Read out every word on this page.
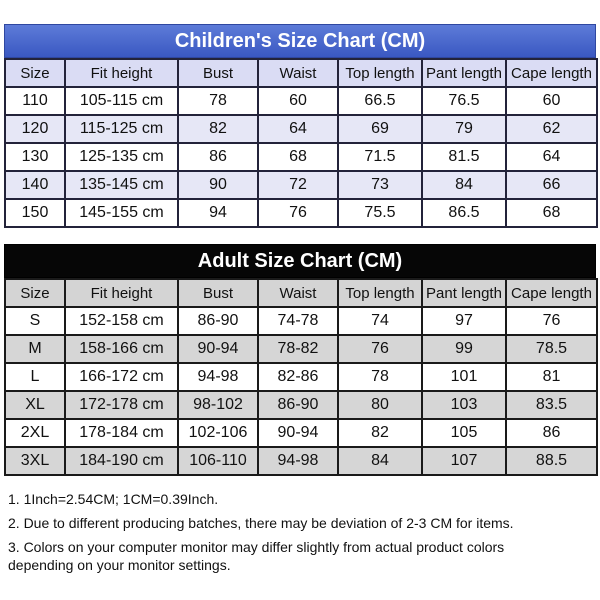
Children's Size Chart (CM)
Size	Fit height	Bust	Waist	Top length	Pant length	Cape length
110	105-115 cm	78	60	66.5	76.5	60
120	115-125 cm	82	64	69	79	62
130	125-135 cm	86	68	71.5	81.5	64
140	135-145 cm	90	72	73	84	66
150	145-155 cm	94	76	75.5	86.5	68
Adult Size Chart (CM)
Size	Fit height	Bust	Waist	Top length	Pant length	Cape length
S	152-158 cm	86-90	74-78	74	97	76
M	158-166 cm	90-94	78-82	76	99	78.5
L	166-172 cm	94-98	82-86	78	101	81
XL	172-178 cm	98-102	86-90	80	103	83.5
2XL	178-184 cm	102-106	90-94	82	105	86
3XL	184-190 cm	106-110	94-98	84	107	88.5

1. 1Inch=2.54CM; 1CM=0.39Inch.

2. Due to different producing batches, there may be deviation of 2-3 CM for items.

3. Colors on your computer monitor may differ slightly from actual product colors

depending on your monitor settings.
